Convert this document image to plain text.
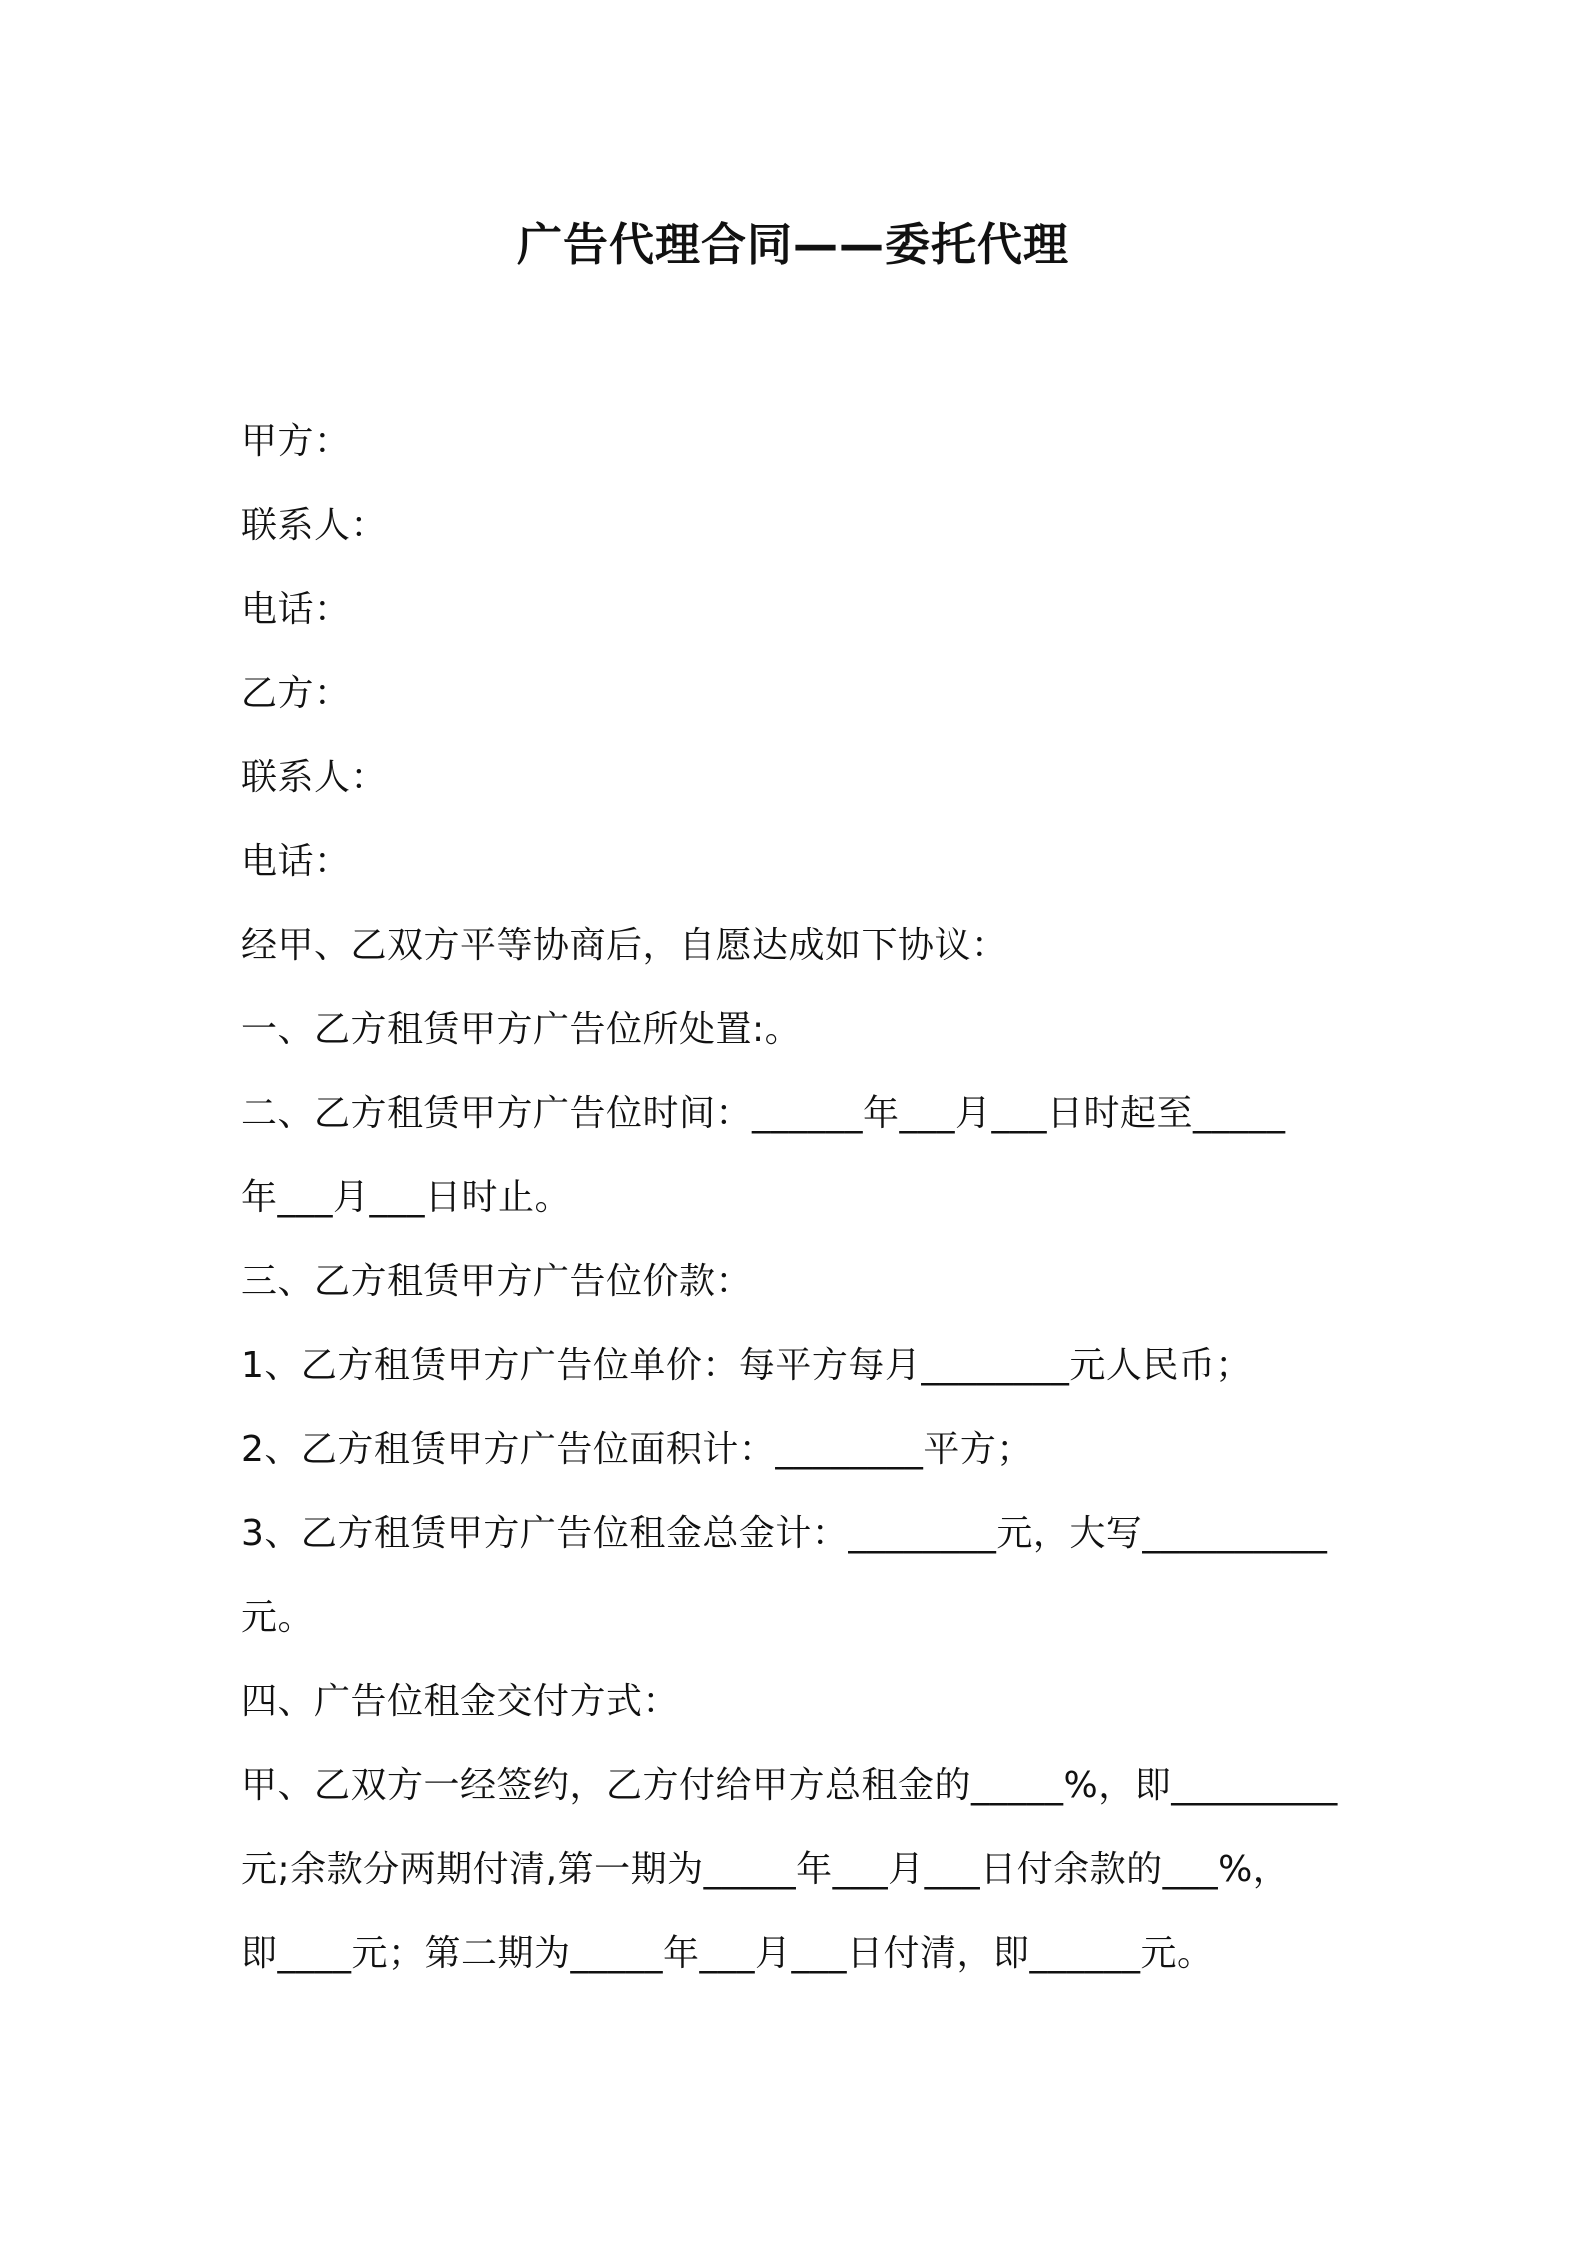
广告代理合同——委托代理

甲方：

联系人：

电话：

乙方：

联系人：

电话：

经甲、乙双方平等协商后，自愿达成如下协议：

一、乙方租赁甲方广告位所处置:。

二、乙方租赁甲方广告位时间：______年___月___日时起至_____

年___月___日时止。

三、乙方租赁甲方广告位价款：

1、乙方租赁甲方广告位单价：每平方每月________元人民币；

2、乙方租赁甲方广告位面积计：________平方；

3、乙方租赁甲方广告位租金总金计：________元，大写__________

元。

四、广告位租金交付方式：

甲、乙双方一经签约，乙方付给甲方总租金的_____%，即_________

元;余款分两期付清,第一期为_____年___月___日付余款的___%，

即____元；第二期为_____年___月___日付清，即______元。
